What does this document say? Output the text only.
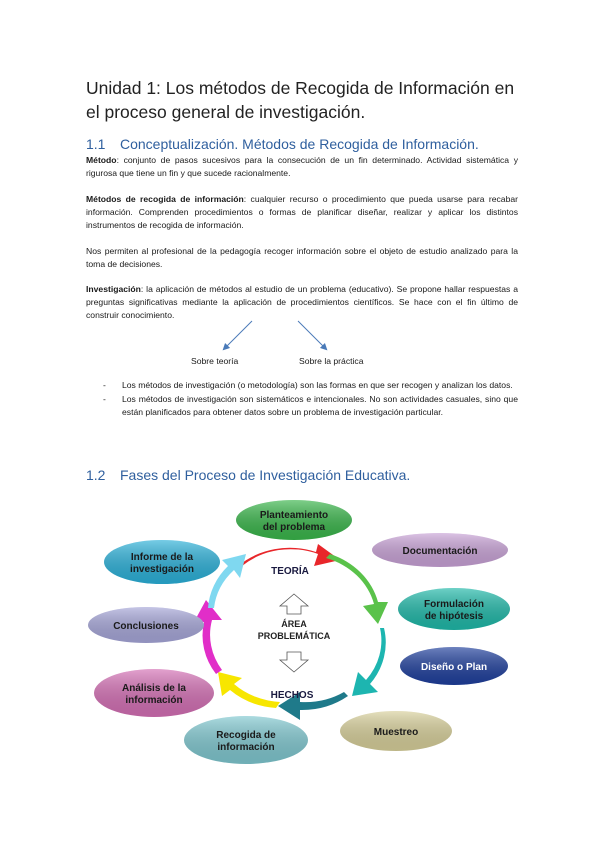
Unidad 1: Los métodos de Recogida de Información en el proceso general de investigación.
1.1 Conceptualización. Métodos de Recogida de Información.
Método: conjunto de pasos sucesivos para la consecución de un fin determinado. Actividad sistemática y rigurosa que tiene un fin y que sucede racionalmente.
Métodos de recogida de información: cualquier recurso o procedimiento que pueda usarse para recabar información. Comprenden procedimientos o formas de planificar diseñar, realizar y aplicar los distintos instrumentos de recogida de información.
Nos permiten al profesional de la pedagogía recoger información sobre el objeto de estudio analizado para la toma de decisiones.
Investigación: la aplicación de métodos al estudio de un problema (educativo). Se propone hallar respuestas a preguntas significativas mediante la aplicación de procedimientos científicos. Se hace con el fin último de construir conocimiento.
Sobre teoría	Sobre la práctica
- Los métodos de investigación (o metodología) son las formas en que ser recogen y analizan los datos.
- Los métodos de investigación son sistemáticos e intencionales. No son actividades casuales, sino que están planificados para obtener datos sobre un problema de investigación particular.
1.2 Fases del Proceso de Investigación Educativa.
TEORÍA
HECHOS
ÁREA
PROBLEMÁTICA
Planteamiento
del problema
Documentación
Formulación
de hipótesis
Diseño o Plan
Muestreo
Recogida de
información
Análisis de la
información
Conclusiones
Informe de la
investigación
